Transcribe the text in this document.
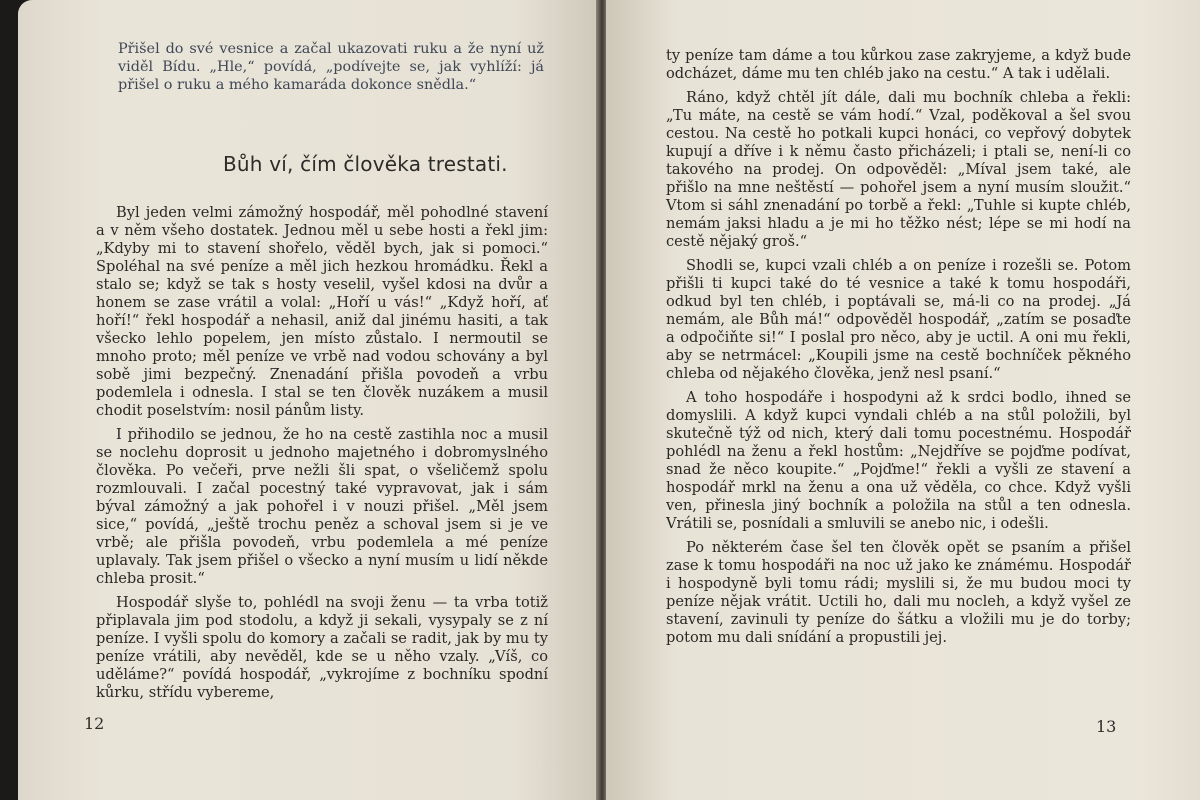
Přišel do své vesnice a začal ukazovati ruku a že nyní už viděl Bídu. „Hle,“ povídá, „podívejte se, jak vyhlíží: já přišel o ruku a mého kamaráda dokonce snědla.“

Bůh ví, čím člověka trestati.

Byl jeden velmi zámožný hospodář, měl pohodlné stavení a v něm všeho dostatek. Jednou měl u sebe hosti a řekl jim: „Kdyby mi to stavení shořelo, věděl bych, jak si pomoci.“ Spoléhal na své peníze a měl jich hezkou hromádku. Řekl a stalo se; když se tak s hosty veselil, vyšel kdosi na dvůr a honem se zase vrátil a volal: „Hoří u vás!“ „Když hoří, ať hoří!“ řekl hospodář a nehasil, aniž dal jinému hasiti, a tak všecko lehlo popelem, jen místo zůstalo. I nermoutil se mnoho proto; měl peníze ve vrbě nad vodou schovány a byl sobě jimi bezpečný. Znenadání přišla povodeň a vrbu podemlela i odnesla. I stal se ten člověk nuzákem a musil chodit poselstvím: nosil pánům listy.

I přihodilo se jednou, že ho na cestě zastihla noc a musil se noclehu doprosit u jednoho majetného i dobromyslného člověka. Po večeři, prve nežli šli spat, o všeličemž spolu rozmlouvali. I začal pocestný také vypravovat, jak i sám býval zámožný a jak pohořel i v nouzi přišel. „Měl jsem sice,“ povídá, „ještě trochu peněz a schoval jsem si je ve vrbě; ale přišla povodeň, vrbu podemlela a mé peníze uplavaly. Tak jsem přišel o všecko a nyní musím u lidí někde chleba prosit.“

Hospodář slyše to, pohlédl na svoji ženu — ta vrba totiž připlavala jim pod stodolu, a když ji sekali, vysypaly se z ní peníze. I vyšli spolu do komory a začali se radit, jak by mu ty peníze vrátili, aby nevěděl, kde se u něho vzaly. „Víš, co uděláme?“ povídá hospodář, „vykrojíme z bochníku spodní kůrku, střídu vybereme,

12

ty peníze tam dáme a tou kůrkou zase zakryjeme, a když bude odcházet, dáme mu ten chléb jako na cestu.“ A tak i udělali.

Ráno, když chtěl jít dále, dali mu bochník chleba a řekli: „Tu máte, na cestě se vám hodí.“ Vzal, poděkoval a šel svou cestou. Na cestě ho potkali kupci honáci, co vepřový dobytek kupují a dříve i k němu často přicházeli; i ptali se, není-li co takového na prodej. On odpověděl: „Míval jsem také, ale přišlo na mne neštěstí — pohořel jsem a nyní musím sloužit.“ Vtom si sáhl znenadání po torbě a řekl: „Tuhle si kupte chléb, nemám jaksi hladu a je mi ho těžko nést; lépe se mi hodí na cestě nějaký groš.“

Shodli se, kupci vzali chléb a on peníze i rozešli se. Potom přišli ti kupci také do té vesnice a také k tomu hospodáři, odkud byl ten chléb, i poptávali se, má-li co na prodej. „Já nemám, ale Bůh má!“ odpověděl hospodář, „zatím se posaďte a odpočiňte si!“ I poslal pro něco, aby je uctil. A oni mu řekli, aby se netrmácel: „Koupili jsme na cestě bochníček pěkného chleba od nějakého člověka, jenž nesl psaní.“

A toho hospodáře i hospodyni až k srdci bodlo, ihned se domyslili. A když kupci vyndali chléb a na stůl položili, byl skutečně týž od nich, který dali tomu pocestnému. Hospodář pohlédl na ženu a řekl hostům: „Nejdříve se pojďme podívat, snad že něco koupite.“ „Pojďme!“ řekli a vyšli ze stavení a hospodář mrkl na ženu a ona už věděla, co chce. Když vyšli ven, přinesla jiný bochník a položila na stůl a ten odnesla. Vrátili se, posnídali a smluvili se anebo nic, i odešli.

Po některém čase šel ten člověk opět se psaním a přišel zase k tomu hospodáři na noc už jako ke známému. Hospodář i hospodyně byli tomu rádi; myslili si, že mu budou moci ty peníze nějak vrátit. Uctili ho, dali mu nocleh, a když vyšel ze stavení, zavinuli ty peníze do šátku a vložili mu je do torby; potom mu dali snídání a propustili jej.

13
